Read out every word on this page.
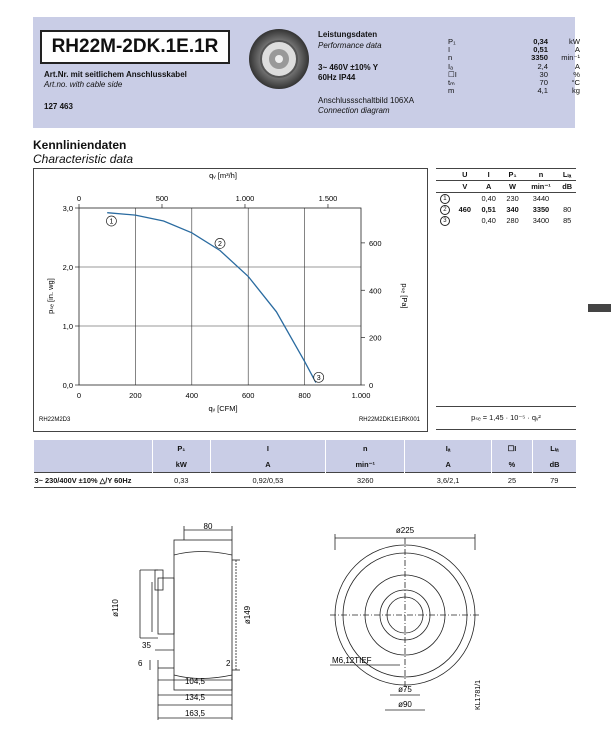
RH22M-2DK.1E.1R
Art.Nr. mit seitlichem Anschlusskabel
Art.no. with cable side
127 463
Leistungsdaten
Performance data
3~ 460V ±10% Y
60Hz IP44
Anschlussschaltbild 106XA
Connection diagram
P₁	0,34	kW
I	0,51	A
n	3350	min⁻¹
Iₐ	2,4	A
☐I	30	%
tₘ	70	°C
m	4,1	kg
Kennliniendaten
Characteristic data
0	200	400	600	800	1.000
0,0
1,0
2,0
3,0
0	500	1.000	1.500
0
200
400
600
1
2
3
qᵥ [m³/h]
qᵥ [CFM]
pₛₑ [in. wg]	pₛₑ [Pa]
RH22M2D3	RH22M2DK1E1RK001
	U	I	P₁	n	Lₗₐ
	V	A	W	min⁻¹	dB
1		0,40	230	3440	
2	460	0,51	340	3350	80
3		0,40	280	3400	85
pₛₑ = 1,45 · 10⁻⁵ · qᵥ²
	P₁	I	n	Iₐ	☐I	Lₗₐ
	kW	A	min⁻¹	A	%	dB
3~ 230/400V ±10% △/Y 60Hz	0,33	0,92/0,53	3260	3,6/2,1	25	79
80
ø110	ø149
35
6	2
104,5
134,5
163,5
ø225
M6,12TIEF
ø75
ø90	KL1781/1
